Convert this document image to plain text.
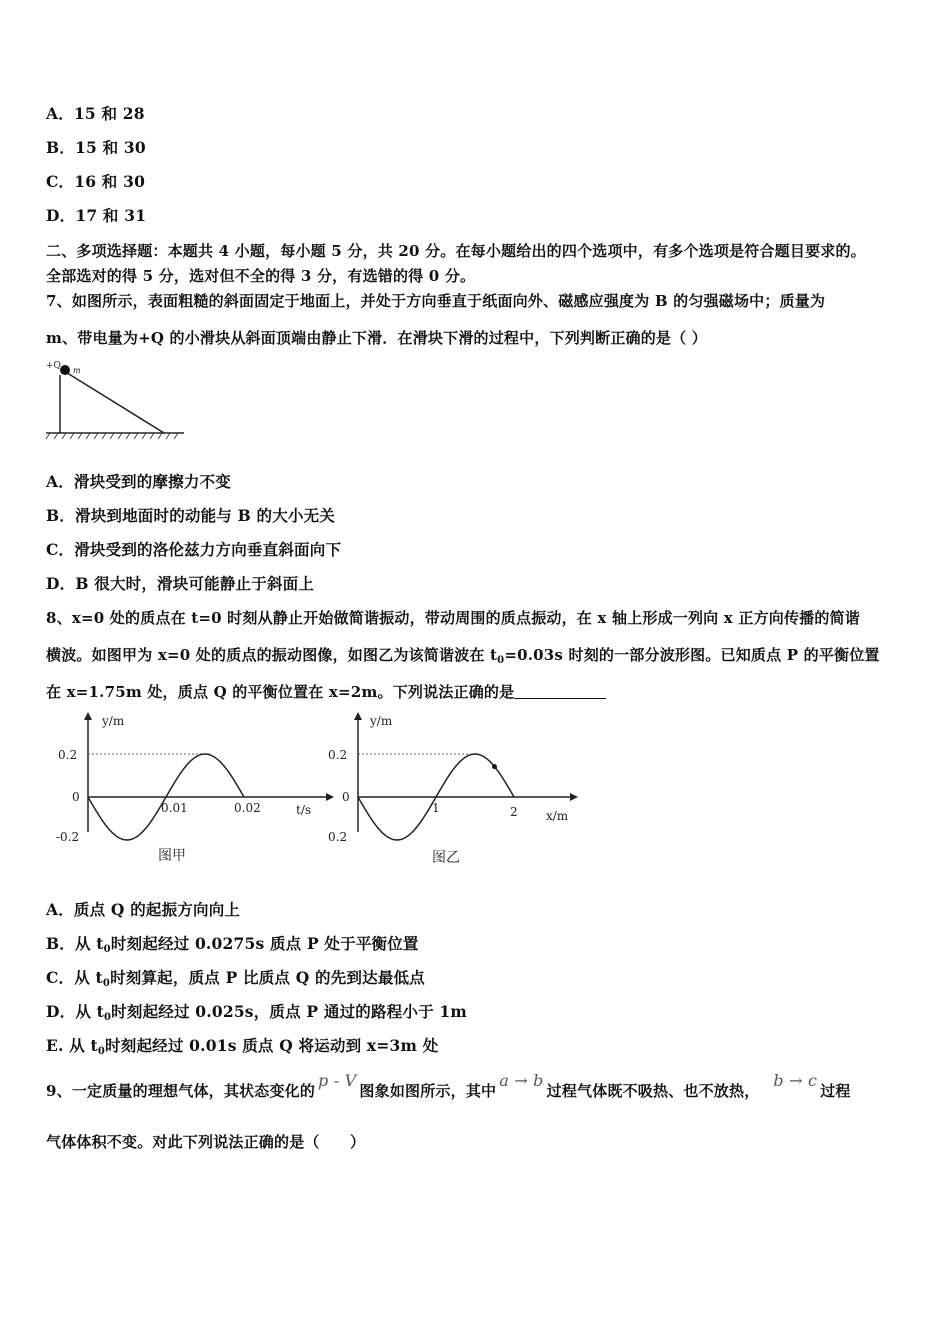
A．15 和 28
B．15 和 30
C．16 和 30
D．17 和 31
二、多项选择题：本题共 4 小题，每小题 5 分，共 20 分。在每小题给出的四个选项中，有多个选项是符合题目要求的。
全部选对的得 5 分，选对但不全的得 3 分，有选错的得 0 分。
7、如图所示，表面粗糙的斜面固定于地面上，并处于方向垂直于纸面向外、磁感应强度为 B 的匀强磁场中；质量为
m、带电量为+Q 的小滑块从斜面顶端由静止下滑．在滑块下滑的过程中，下列判断正确的是（ ）
+Q m
A．滑块受到的摩擦力不变
B．滑块到地面时的动能与 B 的大小无关
C．滑块受到的洛伦兹力方向垂直斜面向下
D．B 很大时，滑块可能静止于斜面上
8、x=0 处的质点在 t=0 时刻从静止开始做简谐振动，带动周围的质点振动，在 x 轴上形成一列向 x 正方向传播的简谐
横波。如图甲为 x=0 处的质点的振动图像，如图乙为该简谐波在 $t_0=0.03s$ 时刻的一部分波形图。已知质点 P 的平衡位置
在 x=1.75m 处，质点 Q 的平衡位置在 x=2m。下列说法正确的是
y/m
t/s
0.2
0
-0.2
0.01	0.02
图甲
y/m
x/m
0.2
0
0.2
1	2
图乙
A．质点 Q 的起振方向向上
B．从 $t_0$时刻起经过 0.0275s 质点 P 处于平衡位置
C．从 $t_0$时刻算起，质点 P 比质点 Q 的先到达最低点
D．从 $t_0$时刻起经过 0.025s，质点 P 通过的路程小于 1m
E. 从 $t_0$时刻起经过 0.01s 质点 Q 将运动到 x=3m 处
9、一定质量的理想气体，其状态变化的p - V图象如图所示，其中a → b过程气体既不吸热、也不放热，b → c过程
气体体积不变。对此下列说法正确的是（　　）
